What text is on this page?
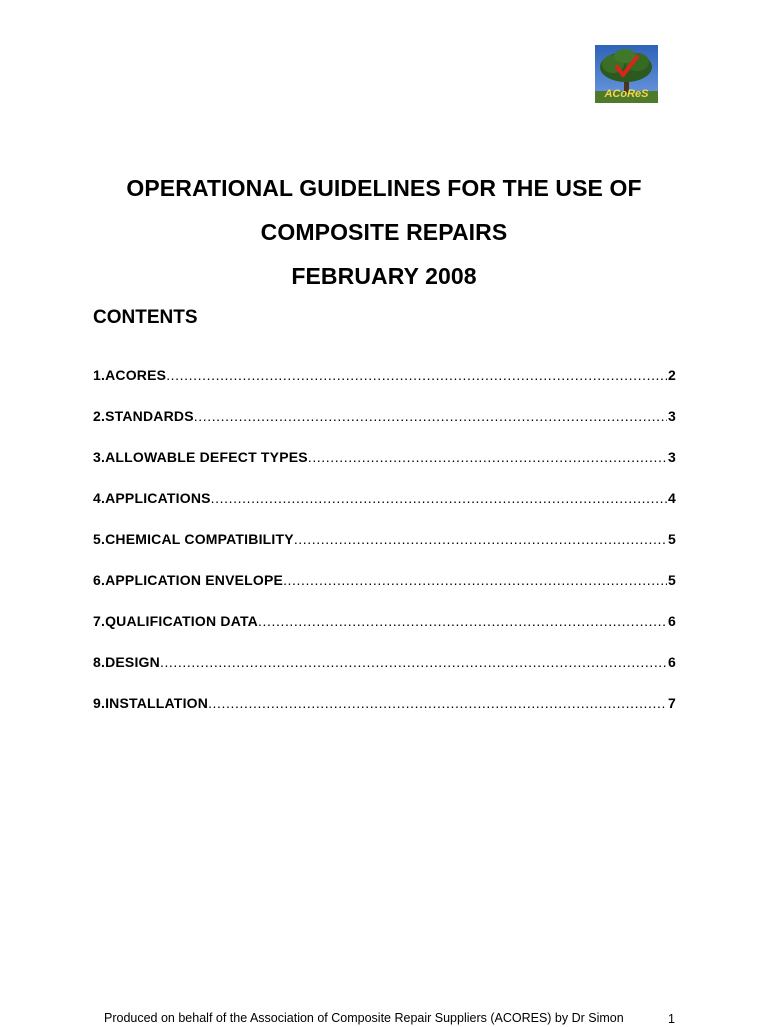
ACoReS
OPERATIONAL GUIDELINES FOR THE USE OF
COMPOSITE REPAIRS
FEBRUARY 2008
CONTENTS
1.ACORES .....	2
2.STANDARDS .....	3
3.ALLOWABLE DEFECT TYPES .....	3
4.APPLICATIONS .....	4
5.CHEMICAL COMPATIBILITY .....	5
6.APPLICATION ENVELOPE .....	5
7.QUALIFICATION DATA .....	6
8.DESIGN .....	6
9.INSTALLATION .....	7
Produced on behalf of the Association of Composite Repair Suppliers (ACORES) by Dr Simon	1
